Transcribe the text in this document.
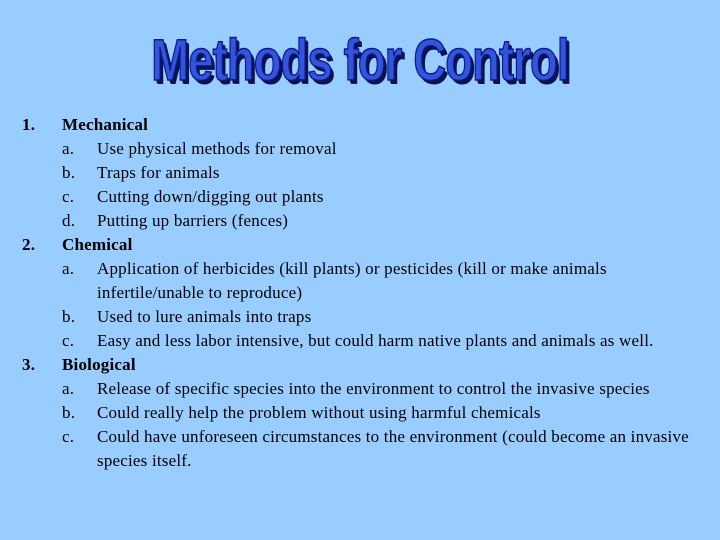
Methods for Control
1.	Mechanical
a.	Use physical methods for removal
b.	Traps for animals
c.	Cutting down/digging out plants
d.	Putting up barriers (fences)
2.	Chemical
a.	Application of herbicides (kill plants) or pesticides (kill or make animals infertile/unable to reproduce)
b.	Used to lure animals into traps
c.	Easy and less labor intensive, but could harm native plants and animals as well.
3.	Biological
a.	Release of specific species into the environment to control the invasive species
b.	Could really help the problem without using harmful chemicals
c.	Could have unforeseen circumstances to the environment (could become an invasive species itself.
